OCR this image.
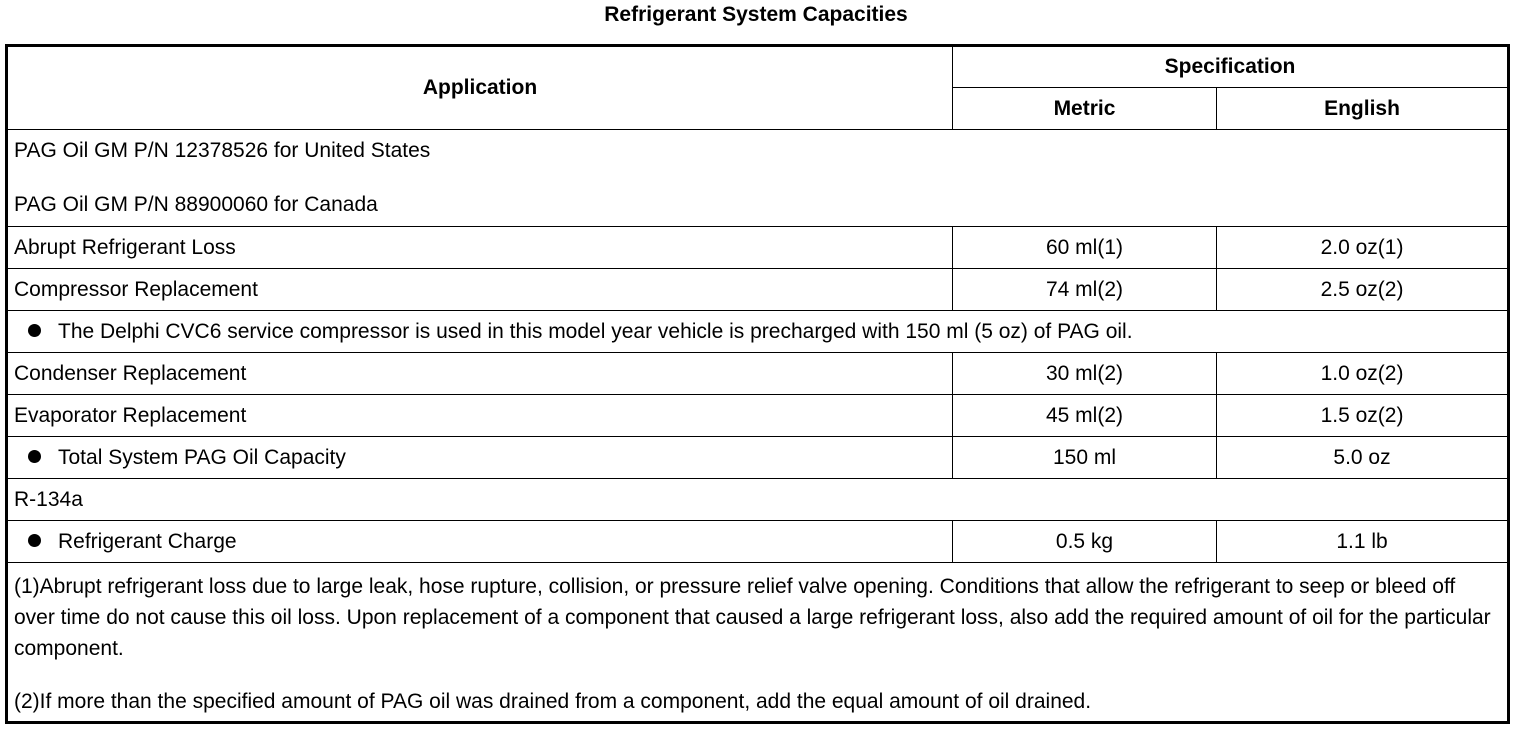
Refrigerant System Capacities
Application	Specification	
	Metric	English

PAG Oil GM P/N 12378526 for United States
PAG Oil GM P/N 88900060 for Canada		

Abrupt Refrigerant Loss	60 ml(1)	2.0 oz(1)
Compressor Replacement	74 ml(2)	2.5 oz(2)
The Delphi CVC6 service compressor is used in this model year vehicle is precharged with 150 ml (5 oz) of PAG oil.		
Condenser Replacement	30 ml(2)	1.0 oz(2)
Evaporator Replacement	45 ml(2)	1.5 oz(2)
Total System PAG Oil Capacity	150 ml	5.0 oz
R-134a		
Refrigerant Charge	0.5 kg	1.1 lb

(1)Abrupt refrigerant loss due to large leak, hose rupture, collision, or pressure relief valve opening. Conditions that allow the refrigerant to seep or bleed off over time do not cause this oil loss. Upon replacement of a component that caused a large refrigerant loss, also add the required amount of oil for the particular component.
(2)If more than the specified amount of PAG oil was drained from a component, add the equal amount of oil drained.		
